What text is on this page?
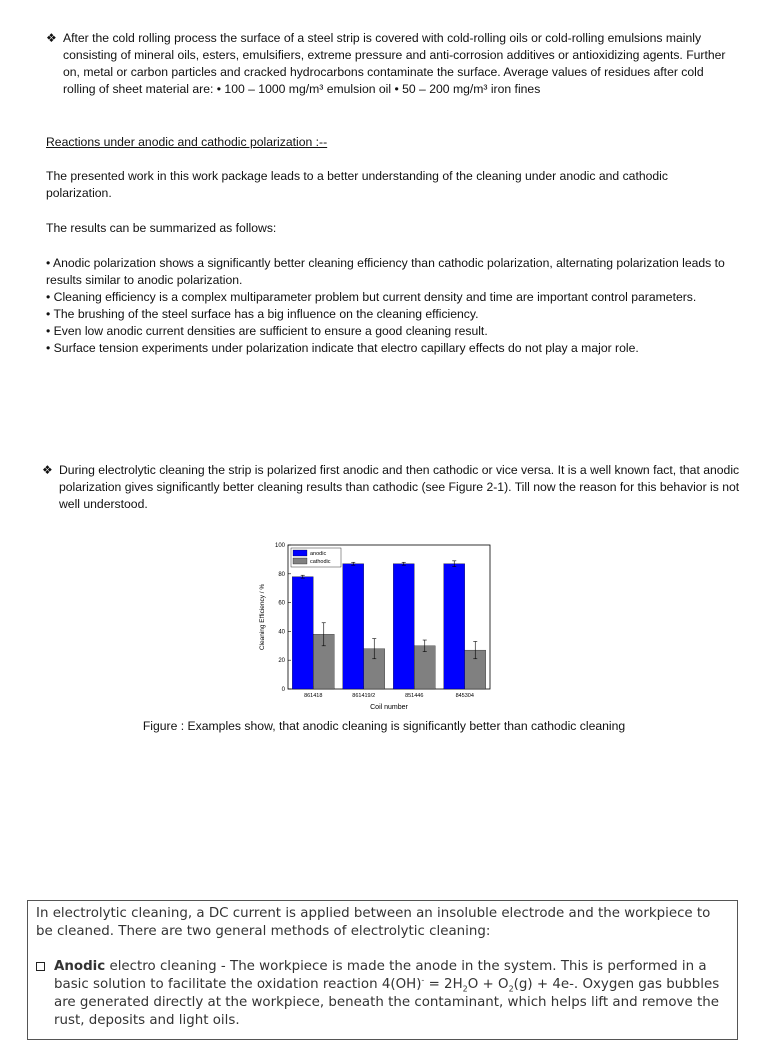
❖ After the cold rolling process the surface of a steel strip is covered with cold-rolling oils or cold-rolling emulsions mainly consisting of mineral oils, esters, emulsifiers, extreme pressure and anti-corrosion additives or antioxidizing agents. Further on, metal or carbon particles and cracked hydrocarbons contaminate the surface. Average values of residues after cold rolling of sheet material are: • 100 – 1000 mg/m³ emulsion oil • 50 – 200 mg/m³ iron fines

Reactions under anodic and cathodic polarization :--

The presented work in this work package leads to a better understanding of the cleaning under anodic and cathodic polarization.

The results can be summarized as follows:

• Anodic polarization shows a significantly better cleaning efficiency than cathodic polarization, alternating polarization leads to results similar to anodic polarization.
• Cleaning efficiency is a complex multiparameter problem but current density and time are important control parameters.
• The brushing of the steel surface has a big influence on the cleaning efficiency.
• Even low anodic current densities are sufficient to ensure a good cleaning result.
• Surface tension experiments under polarization indicate that electro capillary effects do not play a major role.
❖ During electrolytic cleaning the strip is polarized first anodic and then cathodic or vice versa. It is a well known fact, that anodic polarization gives significantly better cleaning results than cathodic (see Figure 2-1). Till now the reason for this behavior is not well understood.

0
20
40
60
80
100
861418	861419/2	851446	845304
anodic
cathodic
Coil number
Cleaning Efficiency / %
Figure : Examples show, that anodic cleaning is significantly better than cathodic cleaning
In electrolytic cleaning, a DC current is applied between an insoluble electrode and the workpiece to be cleaned. There are two general methods of electrolytic cleaning:
Anodic electro cleaning - The workpiece is made the anode in the system. This is performed in a basic solution to facilitate the oxidation reaction $4(OH)^- = 2H_2O + O_2(g) + 4e-$. Oxygen gas bubbles are generated directly at the workpiece, beneath the contaminant, which helps lift and remove the rust, deposits and light oils.
